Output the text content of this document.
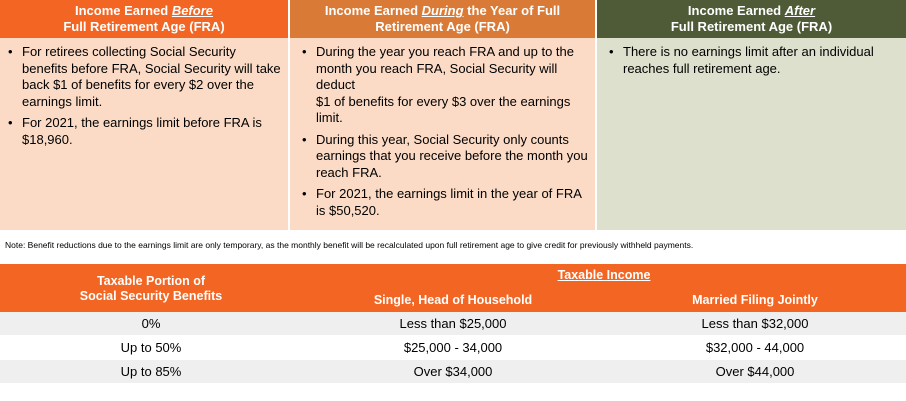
Income Earned Before
Full Retirement Age (FRA)
• For retirees collecting Social Security benefits before FRA, Social Security will take back $1 of benefits for every $2 over the earnings limit.
• For 2021, the earnings limit before FRA is $18,960.
Income Earned During the Year of Full
Retirement Age (FRA)
• During the year you reach FRA and up to the month you reach FRA, Social Security will deduct
$1 of benefits for every $3 over the earnings limit.
• During this year, Social Security only counts earnings that you receive before the month you reach FRA.
• For 2021, the earnings limit in the year of FRA is $50,520.
Income Earned After
Full Retirement Age (FRA)
• There is no earnings limit after an individual reaches full retirement age.
Note: Benefit reductions due to the earnings limit are only temporary, as the monthly benefit will be recalculated upon full retirement age to give credit for previously withheld payments.
Taxable Portion of
Social Security Benefits
Taxable Income
Single, Head of Household	Married Filing Jointly
0%	Less than $25,000	Less than $32,000
Up to 50%	$25,000 - 34,000	$32,000 - 44,000
Up to 85%	Over $34,000	Over $44,000
